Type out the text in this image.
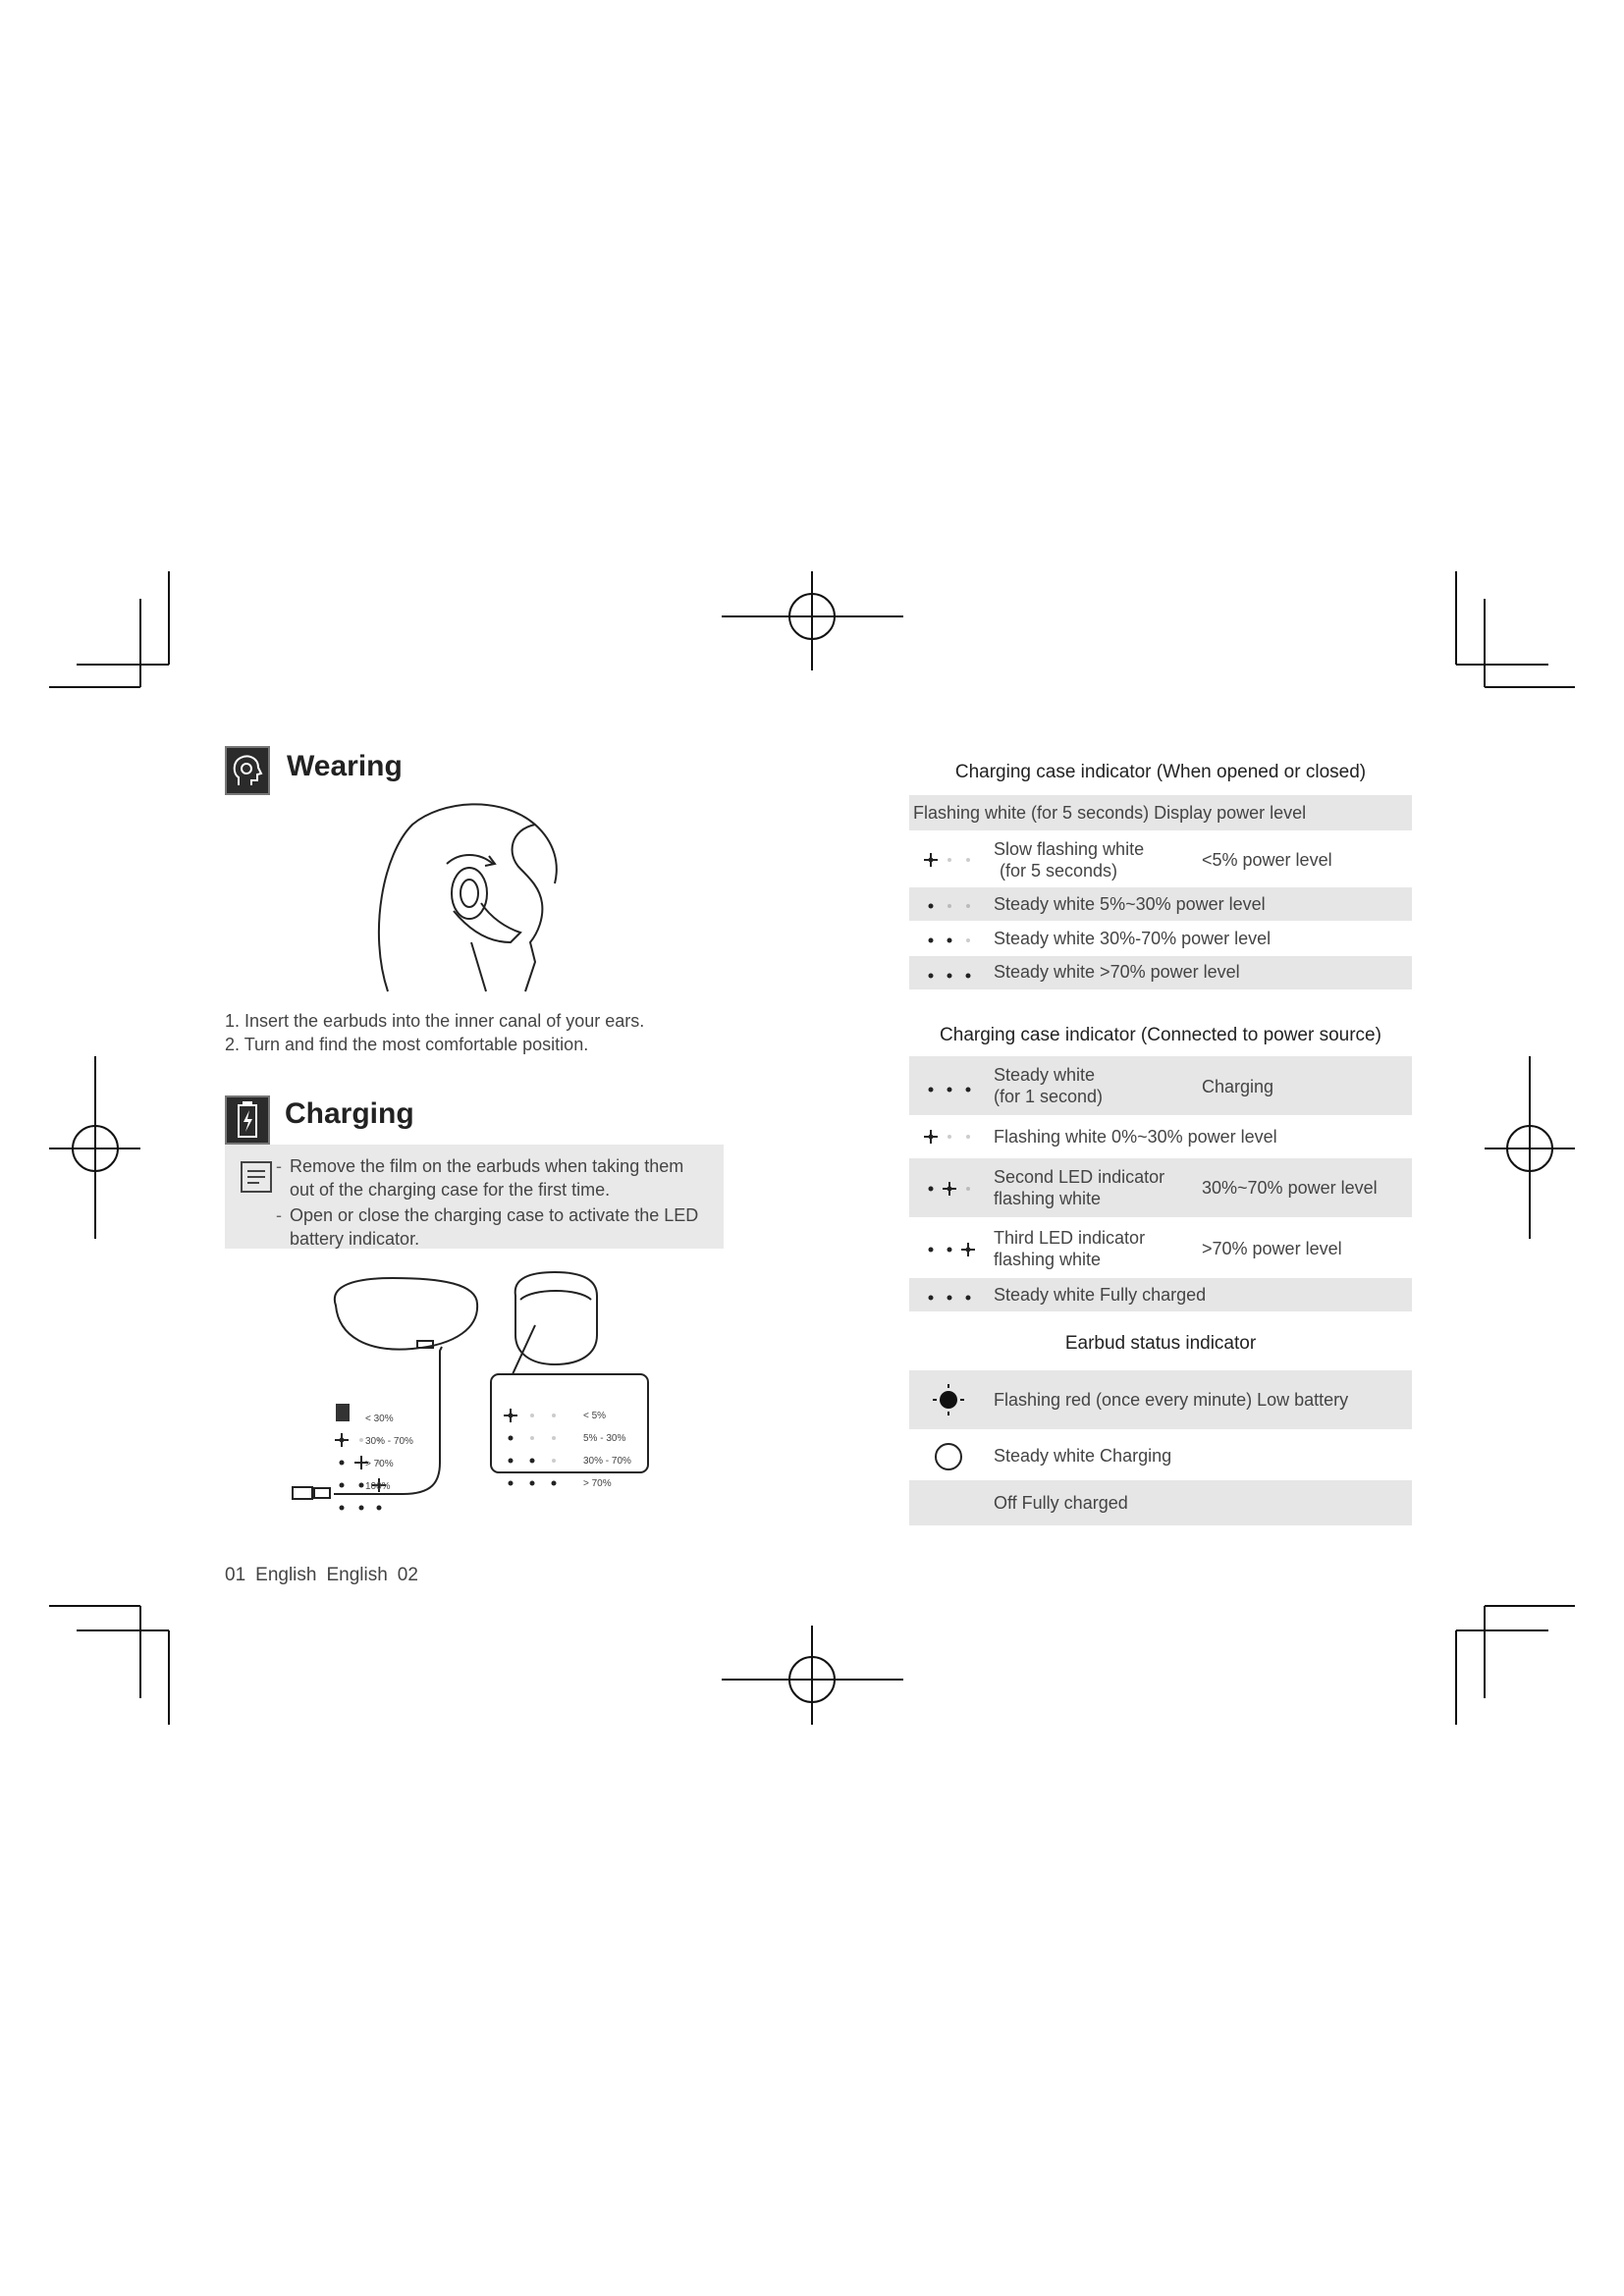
Wearing
1. Insert the earbuds into the inner canal of your ears.
2. Turn and find the most comfortable position.
Charging
- Remove the film on the earbuds when taking them out of the charging case for the first time.
- Open or close the charging case to activate the LED battery indicator.
< 30%
30% - 70%
> 70%
100%
< 5%
5% - 30%
30% - 70%
> 70%
01 English English 02
Charging case indicator (When opened or closed)
Flashing white (for 5 seconds) Display power level
Slow flashing white
(for 5 seconds)
<5% power level
Steady white 5%~30% power level
Steady white 30%-70% power level
Steady white >70% power level
Charging case indicator (Connected to power source)
Steady white
(for 1 second)	Charging
Flashing white 0%~30% power level
Second LED indicator
flashing white
30%~70% power level
Third LED indicator
flashing white
>70% power level
Steady white Fully charged
Earbud status indicator
Flashing red (once every minute) Low battery
Steady white Charging
Off Fully charged
